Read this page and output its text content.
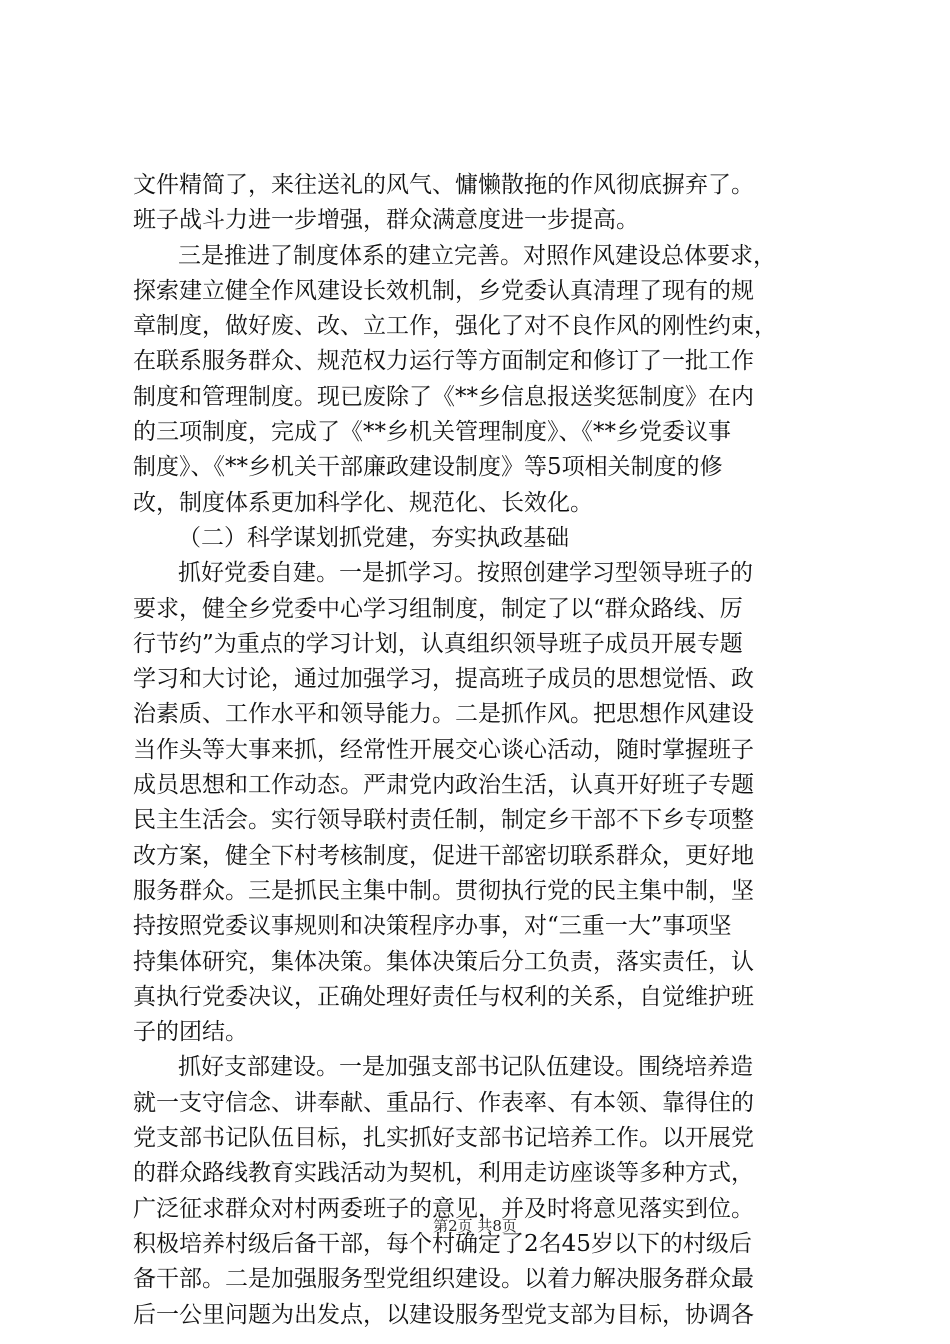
文件精简了，来往送礼的风气、慵懒散拖的作风彻底摒弃了。
班子战斗力进一步增强，群众满意度进一步提高。
三是推进了制度体系的建立完善。对照作风建设总体要求，
探索建立健全作风建设长效机制，乡党委认真清理了现有的规
章制度，做好废、改、立工作，强化了对不良作风的刚性约束，
在联系服务群众、规范权力运行等方面制定和修订了一批工作
制度和管理制度。现已废除了《**乡信息报送奖惩制度》在内
的三项制度，完成了《**乡机关管理制度》、《**乡党委议事
制度》、《**乡机关干部廉政建设制度》等5项相关制度的修
改，制度体系更加科学化、规范化、长效化。
（二）科学谋划抓党建，夯实执政基础
抓好党委自建。一是抓学习。按照创建学习型领导班子的
要求，健全乡党委中心学习组制度，制定了以“群众路线、厉
行节约”为重点的学习计划，认真组织领导班子成员开展专题
学习和大讨论，通过加强学习，提高班子成员的思想觉悟、政
治素质、工作水平和领导能力。二是抓作风。把思想作风建设
当作头等大事来抓，经常性开展交心谈心活动，随时掌握班子
成员思想和工作动态。严肃党内政治生活，认真开好班子专题
民主生活会。实行领导联村责任制，制定乡干部不下乡专项整
改方案，健全下村考核制度，促进干部密切联系群众，更好地
服务群众。三是抓民主集中制。贯彻执行党的民主集中制，坚
持按照党委议事规则和决策程序办事，对“三重一大”事项坚
持集体研究，集体决策。集体决策后分工负责，落实责任，认
真执行党委决议，正确处理好责任与权利的关系，自觉维护班
子的团结。
抓好支部建设。一是加强支部书记队伍建设。围绕培养造
就一支守信念、讲奉献、重品行、作表率、有本领、靠得住的
党支部书记队伍目标，扎实抓好支部书记培养工作。以开展党
的群众路线教育实践活动为契机，利用走访座谈等多种方式，
广泛征求群众对村两委班子的意见，并及时将意见落实到位。
积极培养村级后备干部，每个村确定了2名45岁以下的村级后
备干部。二是加强服务型党组织建设。以着力解决服务群众最
后一公里问题为出发点，以建设服务型党支部为目标，协调各
第2页 共8页
